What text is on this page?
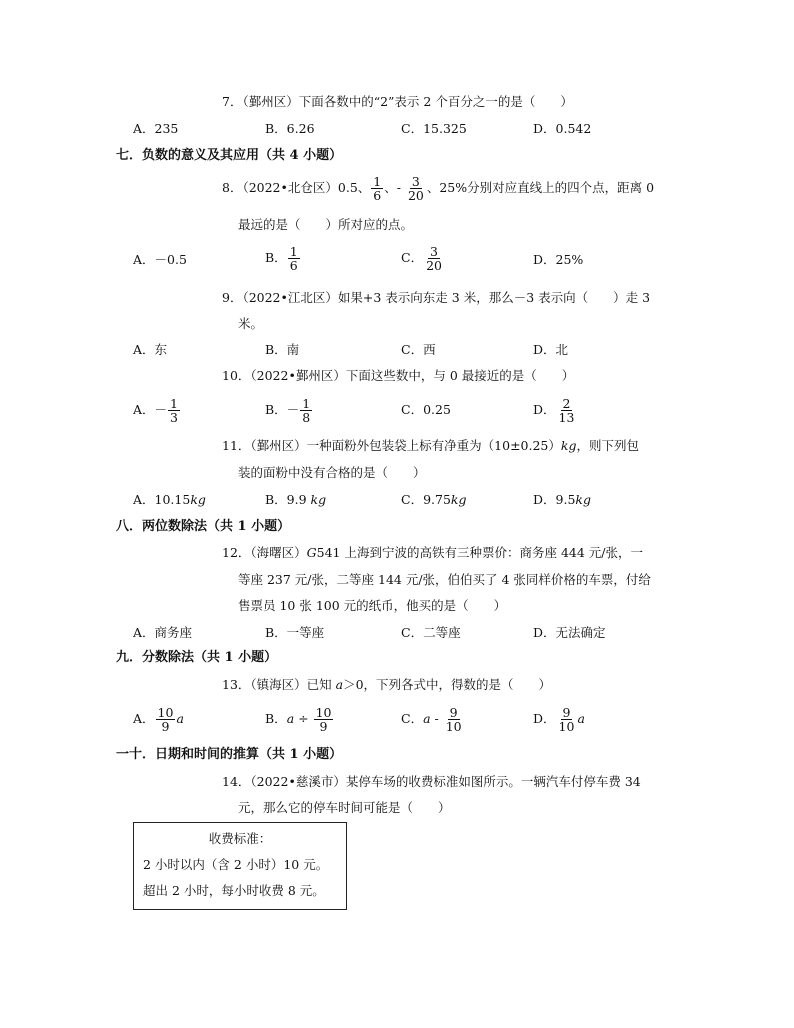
7．（鄞州区）下面各数中的“2”表示 2 个百分之一的是（　　）
A．235	B．6.26	C．15.325	D．0.542
七．负数的意义及其应用（共 4 小题）
8．（2022•北仓区）0.5、 $\frac{1}{6}$ 、- $\frac{3}{20}$ 、25%分别对应直线上的四个点，距离 0
最远的是（　　）所对应的点。
A．－0.5	B． $\frac{1}{6}$	C． $\frac{3}{20}$	D．25%
9．（2022•江北区）如果+3 表示向东走 3 米，那么－3 表示向（　　）走 3
米。
A．东	B．南	C．西	D．北
10．（2022•鄞州区）下面这些数中，与 0 最接近的是（　　）
A．－ $\frac{1}{3}$	B．－ $\frac{1}{8}$	C．0.25	D． $\frac{2}{13}$
11．（鄞州区）一种面粉外包装袋上标有净重为（10±0.25）kg，则下列包
装的面粉中没有合格的是（　　）
A．10.15kg	B．9.9 kg	C．9.75kg	D．9.5kg
八．两位数除法（共 1 小题）
12．（海曙区）G541 上海到宁波的高铁有三种票价：商务座 444 元/张，一
等座 237 元/张，二等座 144 元/张，伯伯买了 4 张同样价格的车票，付给
售票员 10 张 100 元的纸币，他买的是（　　）
A．商务座	B．一等座	C．二等座	D．无法确定
九．分数除法（共 1 小题）
13．（镇海区）已知 a＞0，下列各式中，得数的是（　　）
A． $\frac{10}{9}$ a	B．$a \div \frac{10}{9}$	C．a - $\frac{9}{10}$	D． $\frac{9}{10}$ a
一十．日期和时间的推算（共 1 小题）
14．（2022•慈溪市）某停车场的收费标准如图所示。一辆汽车付停车费 34
元，那么它的停车时间可能是（　　）
收费标准：
2 小时以内（含 2 小时）10 元。
超出 2 小时，每小时收费 8 元。
